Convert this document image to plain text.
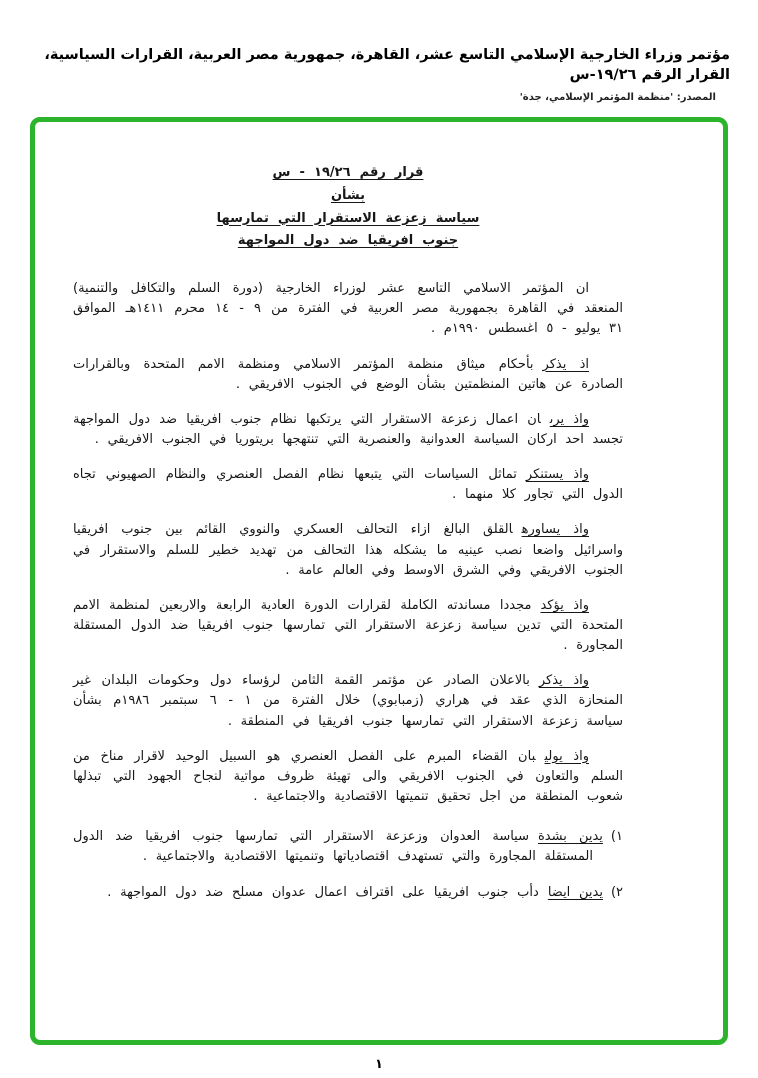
مؤتمر وزراء الخارجية الإسلامي التاسع عشر، القاهرة، جمهورية مصر العربية، القرارات السياسية، القرار الرقم ١٩/٢٦-س
المصدر: 'منظمة المؤتمر الإسلامي، جدة'
قرار رقم ١٩/٢٦ - س
بشأن
سياسة زعزعة الاستقرار التي تمارسها
جنوب افريقيا ضد دول المواجهة

ان المؤتمر الاسلامي التاسع عشر لوزراء الخارجية (دورة السلم والتكافل والتنمية) المنعقد في القاهرة بجمهورية مصر العربية في الفترة من ٩ - ١٤ محرم ١٤١١هـ الموافق ٣١ يوليو - ٥ اغسطس ١٩٩٠م .

اذ يذكربأحكام ميثاق منظمة المؤتمر الاسلامي ومنظمة الامم المتحدة وبالقرارات الصادرة عن هاتين المنظمتين بشأن الوضع في الجنوب الافريقي .

واذ يرىان اعمال زعزعة الاستقرار التي يرتكبها نظام جنوب افريقيا ضد دول المواجهة تجسد احد اركان السياسة العدوانية والعنصرية التي تنتهجها بريتوريا في الجنوب الافريقي .

واذ يستنكرتماثل السياسات التي يتبعها نظام الفصل العنصري والنظام الصهيوني تجاه الدول التي تجاور كلا منهما .

واذ يساورهالقلق البالغ ازاء التحالف العسكري والنووي القائم بين جنوب افريقيا واسرائيل واضعا نصب عينيه ما يشكله هذا التحالف من تهديد خطير للسلم والاستقرار في الجنوب الافريقي وفي الشرق الاوسط وفي العالم عامة .

واذ يؤكدمجددا مساندته الكاملة لقرارات الدورة العادية الرابعة والاربعين لمنظمة الامم المتحدة التي تدين سياسة زعزعة الاستقرار التي تمارسها جنوب افريقيا ضد الدول المستقلة المجاورة .

واذ يذكربالاعلان الصادر عن مؤتمر القمة الثامن لرؤساء دول وحكومات البلدان غير المنحازة الذي عقد في هراري (زمبابوي) خلال الفترة من ١ - ٦ سبتمبر ١٩٨٦م بشأن سياسة زعزعة الاستقرار التي تمارسها جنوب افريقيا في المنطقة .

واذ يوليبان القضاء المبرم على الفصل العنصري هو السبيل الوحيد لاقرار مناخ من السلم والتعاون في الجنوب الافريقي والى تهيئة ظروف مواتية لنجاح الجهود التي تبذلها شعوب المنطقة من اجل تحقيق تنميتها الاقتصادية والاجتماعية .

١)يدين بشدةسياسة العدوان وزعزعة الاستقرار التي تمارسها جنوب افريقيا ضد الدول المستقلة المجاورة والتي تستهدف اقتصادياتها وتنميتها الاقتصادية والاجتماعية .

٢)يدين ايضادأب جنوب افريقيا على اقتراف اعمال عدوان مسلح ضد دول المواجهة .

١
